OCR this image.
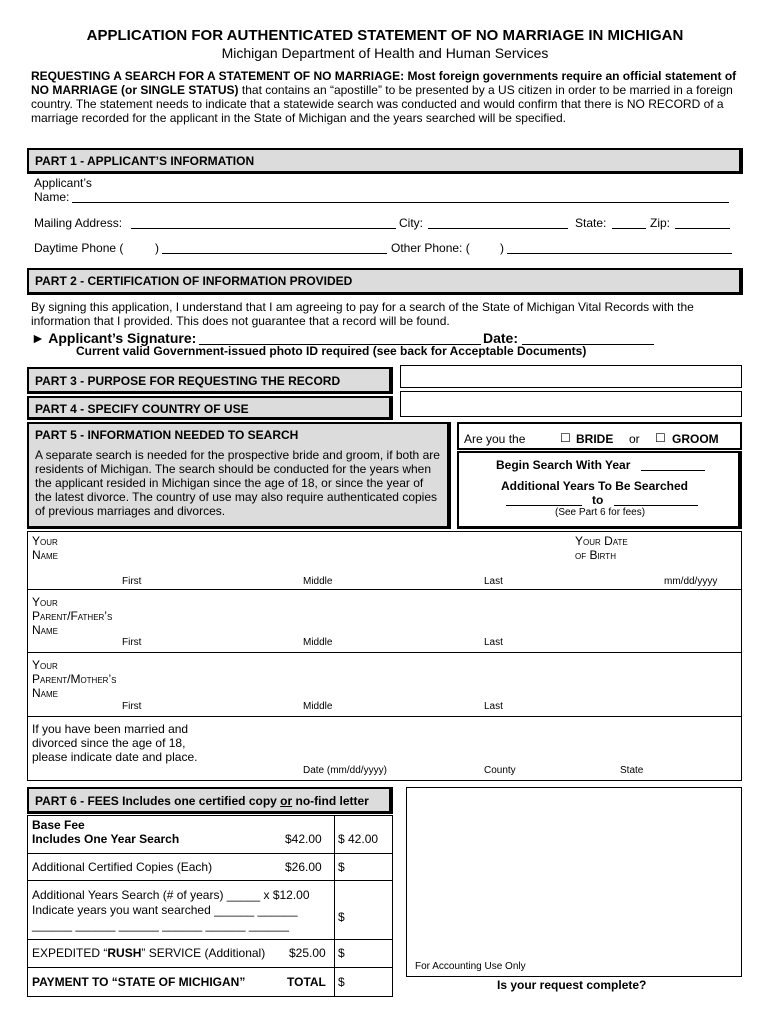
APPLICATION FOR AUTHENTICATED STATEMENT OF NO MARRIAGE IN MICHIGAN
Michigan Department of Health and Human Services
REQUESTING A SEARCH FOR A STATEMENT OF NO MARRIAGE: Most foreign governments require an official statement of NO MARRIAGE (or SINGLE STATUS) that contains an “apostille” to be presented by a US citizen in order to be married in a foreign country. The statement needs to indicate that a statewide search was conducted and would confirm that there is NO RECORD of a marriage recorded for the applicant in the State of Michigan and the years searched will be specified.
PART 1 - APPLICANT’S INFORMATION
Applicant’s
Name:
Mailing Address:	City:	State:	Zip:
Daytime Phone (	)	Other Phone: (	)
PART 2 - CERTIFICATION OF INFORMATION PROVIDED
By signing this application, I understand that I am agreeing to pay for a search of the State of Michigan Vital Records with the information that I provided. This does not guarantee that a record will be found.
► Applicant’s Signature:	Date:
Current valid Government-issued photo ID required (see back for Acceptable Documents)
PART 3 - PURPOSE FOR REQUESTING THE RECORD
PART 4 - SPECIFY COUNTRY OF USE
PART 5 - INFORMATION NEEDED TO SEARCH
A separate search is needed for the prospective bride and groom, if both are residents of Michigan. The search should be conducted for the years when the applicant resided in Michigan since the age of 18, or since the year of the latest divorce. The country of use may also require authenticated copies of previous marriages and divorces.
Are you the	☐ BRIDE or ☐ GROOM
Begin Search With Year
Additional Years To Be Searched
to
(See Part 6 for fees)
Your
Name
Your Date
of Birth
First	Middle	Last	mm/dd/yyyy
Your
Parent/Father’s
Name
First	Middle	Last
Your
Parent/Mother’s
Name
First	Middle	Last
If you have been married and
divorced since the age of 18,
please indicate date and place.
Date (mm/dd/yyyy)	County	State
PART 6 - FEES Includes one certified copy or no-find letter
Base Fee
Includes One Year Search	$42.00 $ 42.00
Additional Certified Copies (Each)	$26.00 $
Additional Years Search (# of years) _____ x $12.00
Indicate years you want searched ______ ______
______ ______ ______ ______ ______ ______
$
EXPEDITED “RUSH” SERVICE (Additional) $25.00 $
PAYMENT TO “STATE OF MICHIGAN”	TOTAL $
For Accounting Use Only
Is your request complete?
